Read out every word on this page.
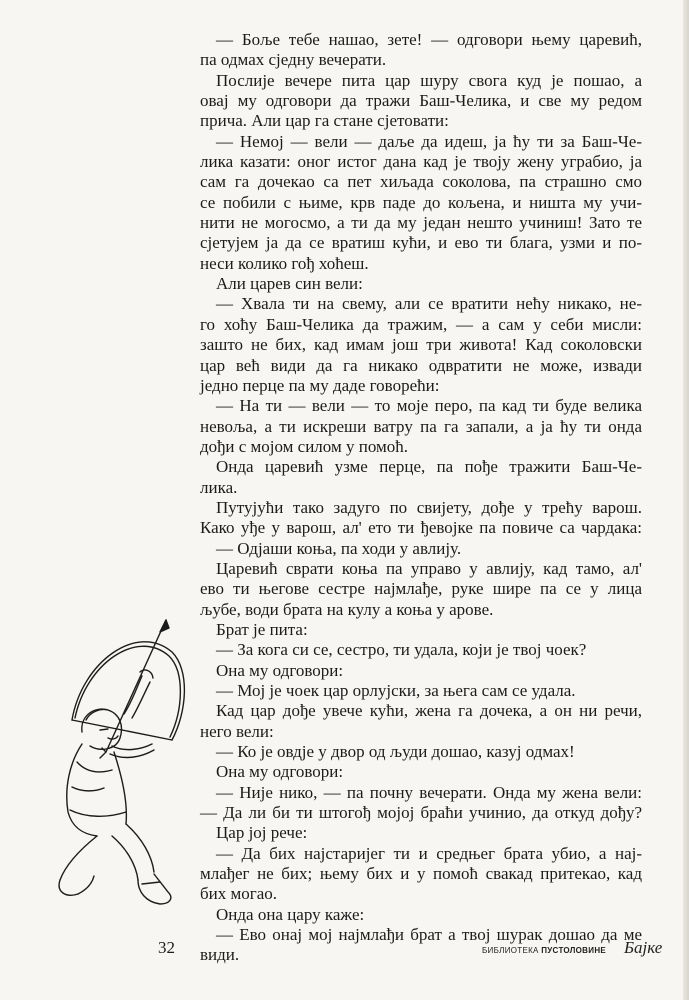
— Боље тебе нашао, зете! — одговори њему царевић,
па одмах сједну вечерати.
Послије вечере пита цар шуру свога куд је пошао, а
овај му одговори да тражи Баш-Челика, и све му редом
прича. Али цар га стане сјетовати:
— Немој — вели — даље да идеш, ја ћу ти за Баш-Че-
лика казати: оног истог дана кад је твоју жену уграбио, ја
сам га дочекао са пет хиљада соколова, па страшно смо
се побили с њиме, крв паде до кољена, и ништа му учи-
нити не могосмо, а ти да му један нешто учиниш! Зато те
сјетујем ја да се вратиш кући, и ево ти блага, узми и по-
неси колико гођ хоћеш.
Али царев син вели:
— Хвала ти на свему, али се вратити нећу никако, не-
го хоћу Баш-Челика да тражим, — а сам у себи мисли:
зашто не бих, кад имам још три живота! Кад соколовски
цар већ види да га никако одвратити не може, извади
једно перце па му даде говорећи:
— На ти — вели — то моје перо, па кад ти буде велика
невоља, а ти искреши ватру па га запали, а ја ћу ти онда
дођи с мојом силом у помоћ.
Онда царевић узме перце, па пође тражити Баш-Че-
лика.
Путујући тако задуго по свијету, дође у трећу варош.
Како уђе у варош, ал' ето ти ђевојке па повиче са чардака:
— Одјаши коња, па ходи у авлију.
Царевић сврати коња па управо у авлију, кад тамо, ал'
ево ти његове сестре најмлађе, руке шире па се у лица
љубе, води брата на кулу а коња у арове.
Брат је пита:
— За кога си се, сестро, ти удала, који је твој чоек?
Она му одговори:
— Мој је чоек цар орлујски, за њега сам се удала.
Кад цар дође увече кући, жена га дочека, а он ни речи,
него вели:
— Ко је овдје у двор од људи дошао, казуј одмах!
Она му одговори:
— Није нико, — па почну вечерати. Онда му жена вели:
— Да ли би ти штогођ мојој браћи учинио, да откуд дођу?
Цар јој рече:
— Да бих најстаријег ти и средњег брата убио, а нај-
млађег не бих; њему бих и у помоћ свакад притекао, кад
бих могао.
Онда она цару каже:
— Ево онај мој најмлађи брат а твој шурак дошао да ме
види.
32	БИБЛИОТЕКА ПУСТОЛОВИНЕ Бајке
